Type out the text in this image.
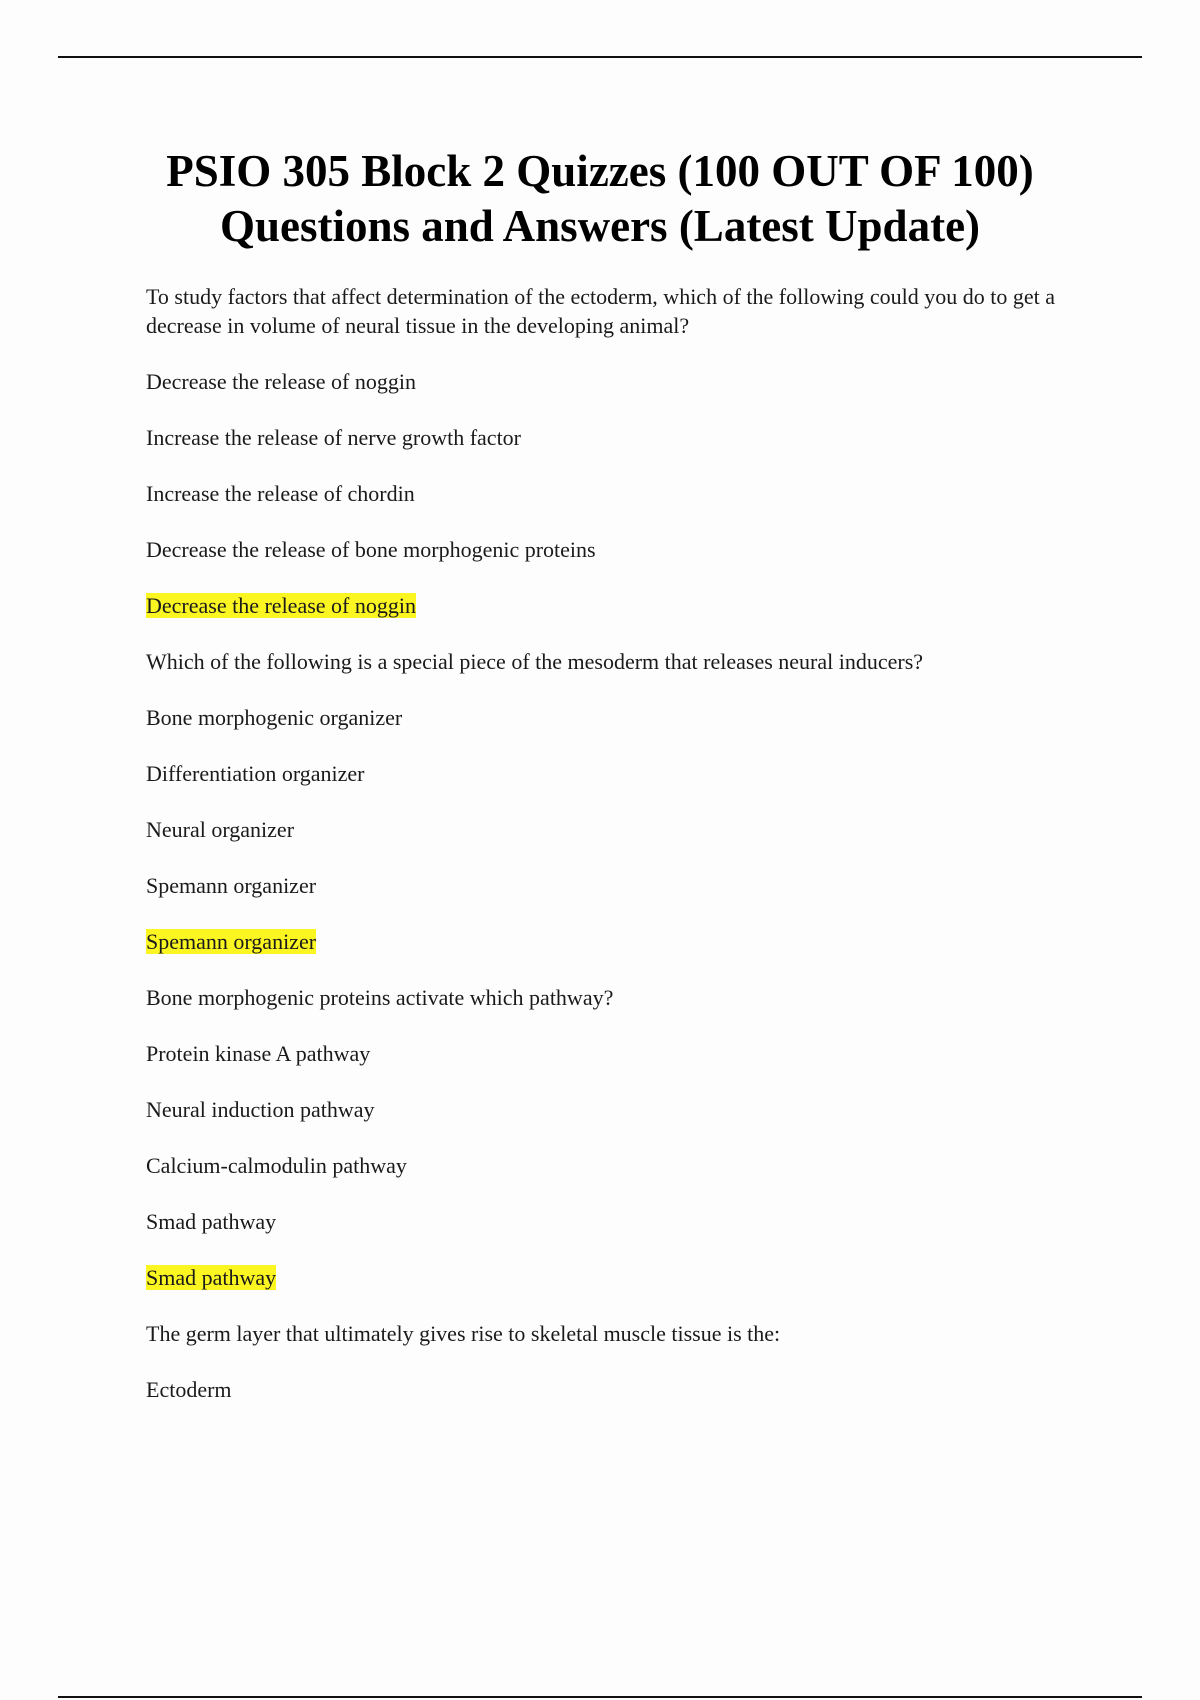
PSIO 305 Block 2 Quizzes (100 OUT OF 100)
Questions and Answers (Latest Update)

To study factors that affect determination of the ectoderm, which of the following could you do to get a decrease in volume of neural tissue in the developing animal?

Decrease the release of noggin

Increase the release of nerve growth factor

Increase the release of chordin

Decrease the release of bone morphogenic proteins

Decrease the release of noggin

Which of the following is a special piece of the mesoderm that releases neural inducers?

Bone morphogenic organizer

Differentiation organizer

Neural organizer

Spemann organizer

Spemann organizer

Bone morphogenic proteins activate which pathway?

Protein kinase A pathway

Neural induction pathway

Calcium-calmodulin pathway

Smad pathway

Smad pathway

The germ layer that ultimately gives rise to skeletal muscle tissue is the:

Ectoderm
